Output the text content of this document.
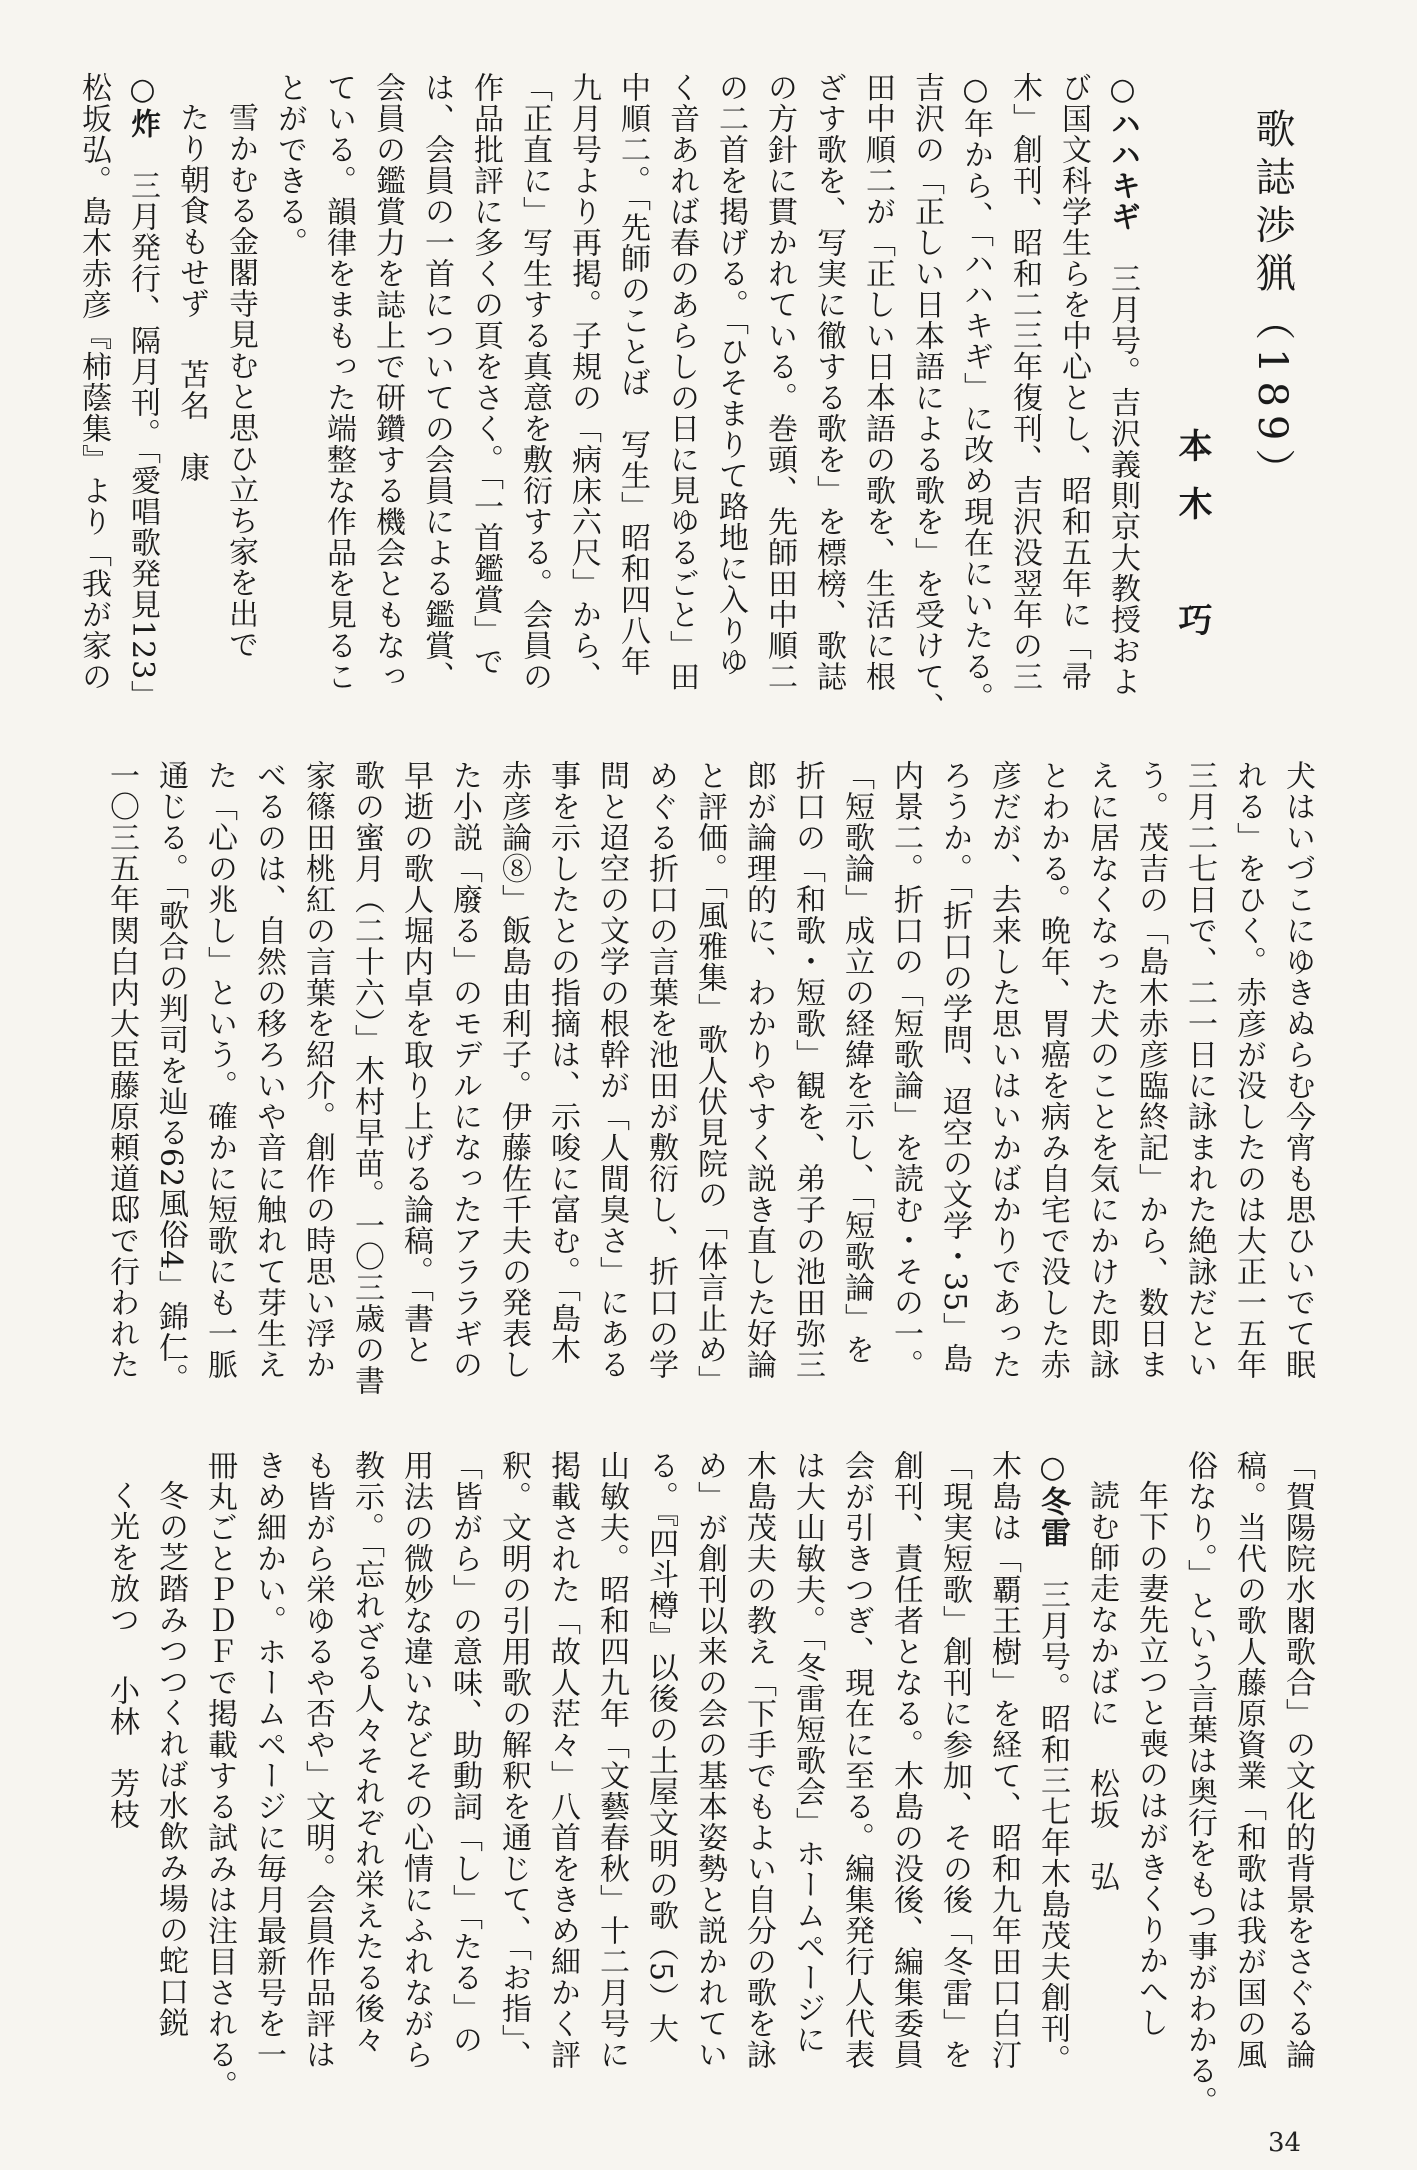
歌誌渉猟（189）
本木　巧

○ハハキギ　三月号。吉沢義則京大教授およ

び国文科学生らを中心とし、昭和五年に「帚

木」創刊、昭和二三年復刊、吉沢没翌年の三

○年から、「ハハキギ」に改め現在にいたる。

吉沢の「正しい日本語による歌を」を受けて、

田中順二が「正しい日本語の歌を、生活に根

ざす歌を、写実に徹する歌を」を標榜、歌誌

の方針に貫かれている。巻頭、先師田中順二

の二首を掲げる。「ひそまりて路地に入りゆ

く音あれば春のあらしの日に見ゆるごと」田

中順二。「先師のことば　写生」昭和四八年

九月号より再掲。子規の「病床六尺」から、

「正直に」写生する真意を敷衍する。会員の

作品批評に多くの頁をさく。「一首鑑賞」で

は、会員の一首についての会員による鑑賞、

会員の鑑賞力を誌上で研鑽する機会ともなっ

ている。韻律をまもった端整な作品を見るこ

とができる。

雪かむる金閣寺見むと思ひ立ち家を出で

たり朝食もせず苫名　康

○炸　三月発行、隔月刊。「愛唱歌発見123」

松坂弘。島木赤彦『柿蔭集』より「我が家の

犬はいづこにゆきぬらむ今宵も思ひいでて眠

れる」をひく。赤彦が没したのは大正一五年

三月二七日で、二一日に詠まれた絶詠だとい

う。茂吉の「島木赤彦臨終記」から、数日ま

えに居なくなった犬のことを気にかけた即詠

とわかる。晩年、胃癌を病み自宅で没した赤

彦だが、去来した思いはいかばかりであった

ろうか。「折口の学問、迢空の文学・35」島

内景二。折口の「短歌論」を読む・その一。

「短歌論」成立の経緯を示し、「短歌論」を

折口の「和歌・短歌」観を、弟子の池田弥三

郎が論理的に、わかりやすく説き直した好論

と評価。「風雅集」歌人伏見院の「体言止め」

めぐる折口の言葉を池田が敷衍し、折口の学

問と迢空の文学の根幹が「人間臭さ」にある

事を示したとの指摘は、示唆に富む。「島木

赤彦論⑧」飯島由利子。伊藤佐千夫の発表し

た小説「廢る」のモデルになったアララギの

早逝の歌人堀内卓を取り上げる論稿。「書と

歌の蜜月（二十六）」木村早苗。一〇三歳の書

家篠田桃紅の言葉を紹介。創作の時思い浮か

べるのは、自然の移ろいや音に触れて芽生え

た「心の兆し」という。確かに短歌にも一脈

通じる。「歌合の判司を辿る62風俗4」錦仁。

一〇三五年関白内大臣藤原頼道邸で行われた

「賀陽院水閣歌合」の文化的背景をさぐる論

稿。当代の歌人藤原資業「和歌は我が国の風

俗なり。」という言葉は奥行をもつ事がわかる。

年下の妻先立つと喪のはがきくりかへし

読む師走なかばに松坂　弘

○冬雷　三月号。昭和三七年木島茂夫創刊。

木島は「覇王樹」を経て、昭和九年田口白汀

「現実短歌」創刊に参加、その後「冬雷」を

創刊、責任者となる。木島の没後、編集委員

会が引きつぎ、現在に至る。編集発行人代表

は大山敏夫。「冬雷短歌会」ホームページに

木島茂夫の教え「下手でもよい自分の歌を詠

め」が創刊以来の会の基本姿勢と説かれてい

る。『四斗樽』以後の土屋文明の歌（5）大

山敏夫。昭和四九年「文藝春秋」十二月号に

掲載された「故人茫々」八首をきめ細かく評

釈。文明の引用歌の解釈を通じて、「お指」、

「皆がら」の意味、助動詞「し」「たる」の

用法の微妙な違いなどその心情にふれながら

教示。「忘れざる人々それぞれ栄えたる後々

も皆がら栄ゆるや否や」文明。会員作品評は

きめ細かい。ホームページに毎月最新号を一

冊丸ごとＰＤＦで掲載する試みは注目される。

冬の芝踏みつつくれば水飲み場の蛇口鋭

く光を放つ小林　芳枝

34
